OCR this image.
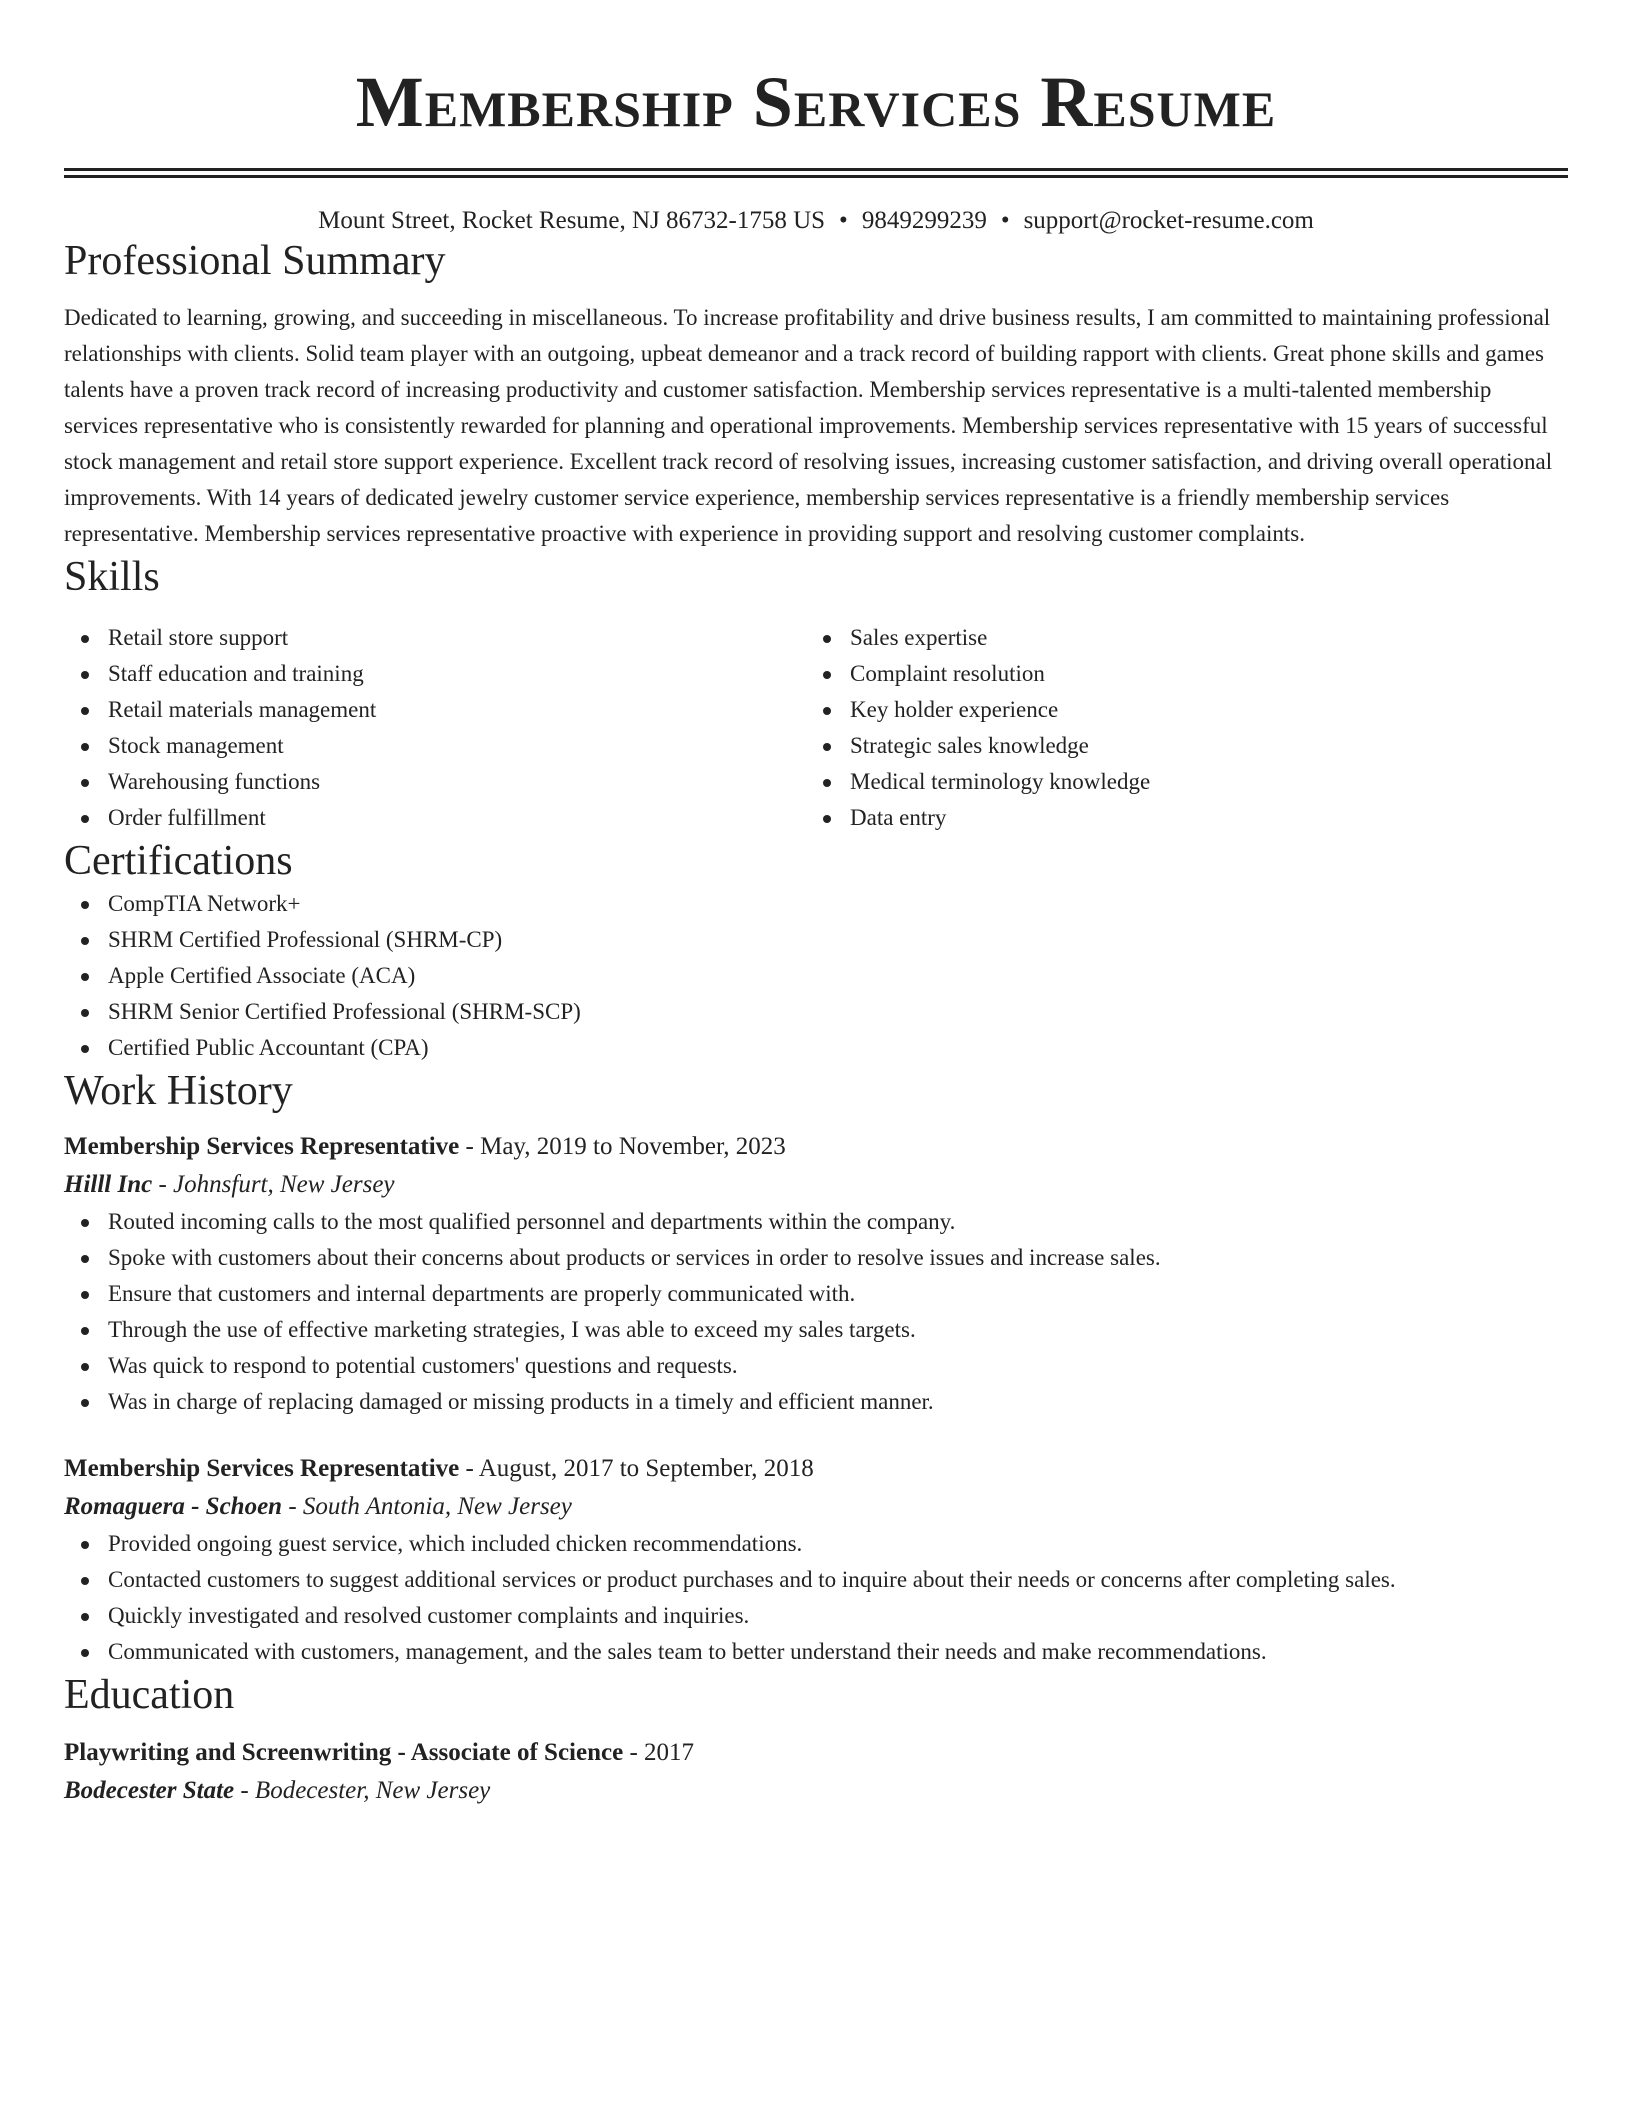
Membership Services Resume
Mount Street, Rocket Resume, NJ 86732-1758 US • 9849299239 • support@rocket-resume.com
Professional Summary

Dedicated to learning, growing, and succeeding in miscellaneous. To increase profitability and drive business results, I am committed to maintaining professional relationships with clients. Solid team player with an outgoing, upbeat demeanor and a track record of building rapport with clients. Great phone skills and games talents have a proven track record of increasing productivity and customer satisfaction. Membership services representative is a multi-talented membership services representative who is consistently rewarded for planning and operational improvements. Membership services representative with 15 years of successful stock management and retail store support experience. Excellent track record of resolving issues, increasing customer satisfaction, and driving overall operational improvements. With 14 years of dedicated jewelry customer service experience, membership services representative is a friendly membership services representative. Membership services representative proactive with experience in providing support and resolving customer complaints.

Skills
Retail store support
Staff education and training
Retail materials management
Stock management
Warehousing functions
Order fulfillment
Sales expertise
Complaint resolution
Key holder experience
Strategic sales knowledge
Medical terminology knowledge
Data entry
Certifications
CompTIA Network+
SHRM Certified Professional (SHRM-CP)
Apple Certified Associate (ACA)
SHRM Senior Certified Professional (SHRM-SCP)
Certified Public Accountant (CPA)
Work History
Membership Services Representative - May, 2019 to November, 2023
Hilll Inc - Johnsfurt, New Jersey
Routed incoming calls to the most qualified personnel and departments within the company.
Spoke with customers about their concerns about products or services in order to resolve issues and increase sales.
Ensure that customers and internal departments are properly communicated with.
Through the use of effective marketing strategies, I was able to exceed my sales targets.
Was quick to respond to potential customers' questions and requests.
Was in charge of replacing damaged or missing products in a timely and efficient manner.
Membership Services Representative - August, 2017 to September, 2018
Romaguera - Schoen - South Antonia, New Jersey
Provided ongoing guest service, which included chicken recommendations.
Contacted customers to suggest additional services or product purchases and to inquire about their needs or concerns after completing sales.
Quickly investigated and resolved customer complaints and inquiries.
Communicated with customers, management, and the sales team to better understand their needs and make recommendations.
Education
Playwriting and Screenwriting - Associate of Science - 2017
Bodecester State - Bodecester, New Jersey
